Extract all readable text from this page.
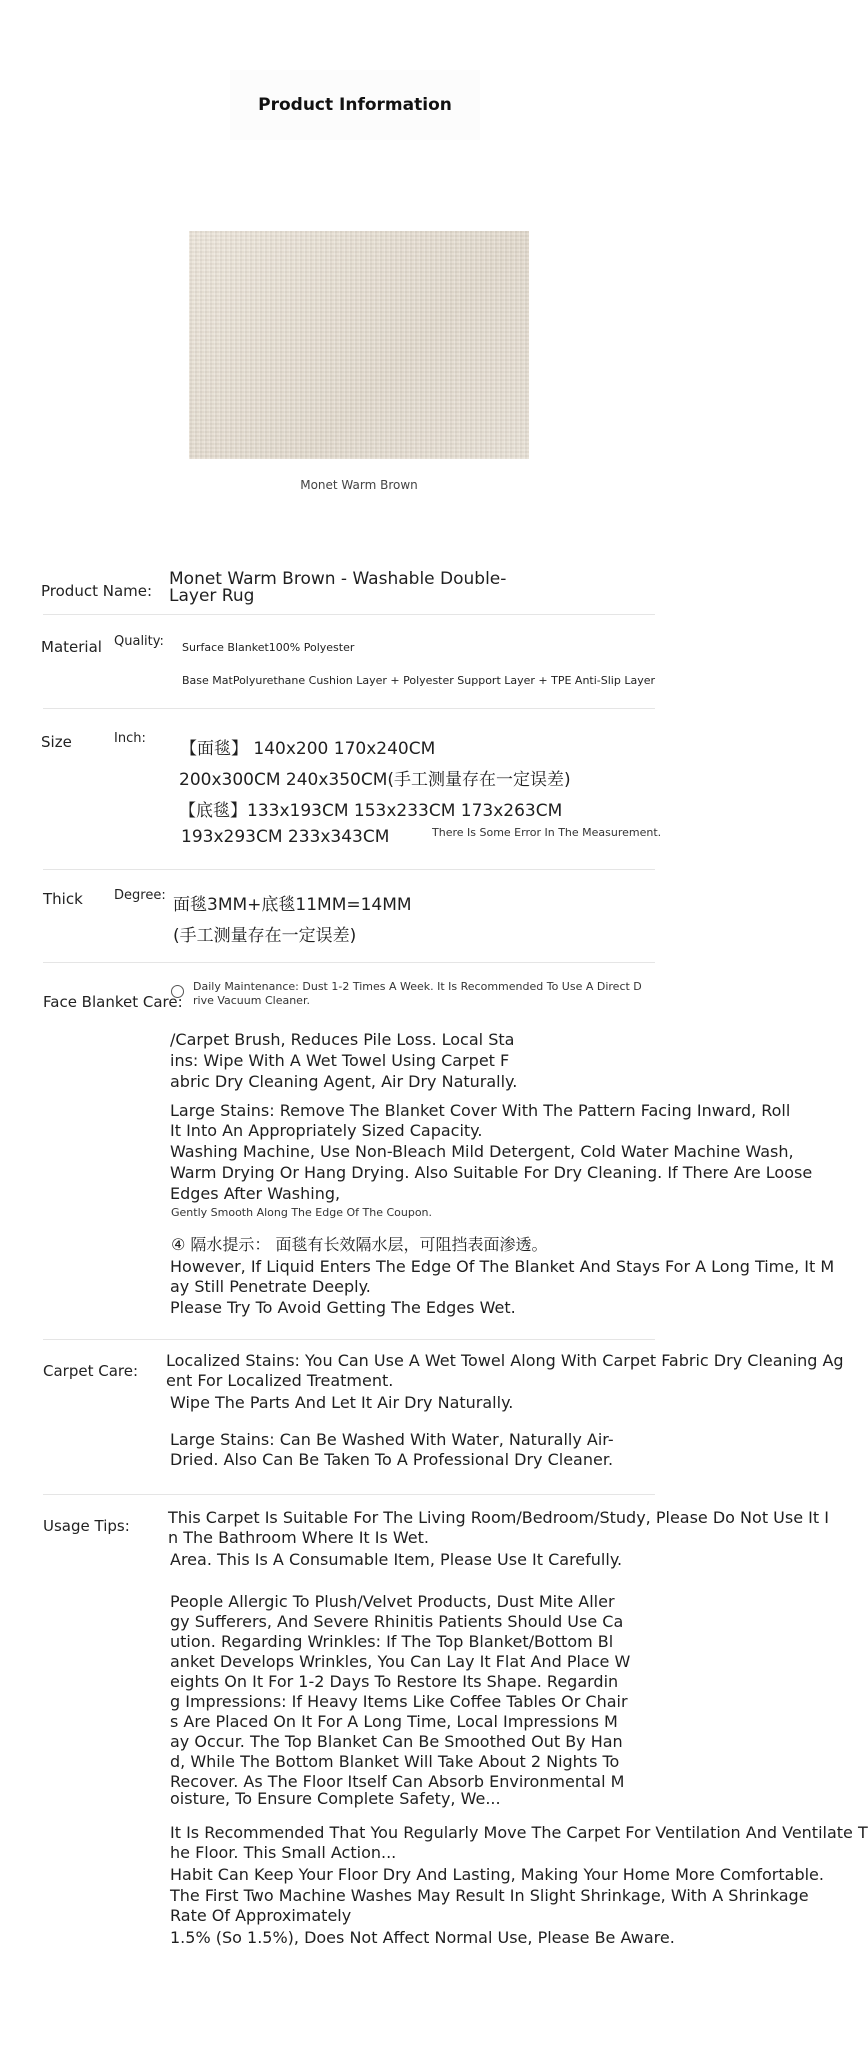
Product Information
Monet Warm Brown
Product Name:
Monet Warm Brown - Washable Double-
Layer Rug
Material Quality: Surface Blanket100% Polyester
Base MatPolyurethane Cushion Layer + Polyester Support Layer + TPE Anti-Slip Layer
Size	Inch:
【面毯】 140x200 170x240CM
200x300CM 240x350CM(手工测量存在一定误差)
【底毯】133x193CM 153x233CM 173x263CM
193x293CM 233x343CM	There Is Some Error In The Measurement.
Thick Degree: 面毯3MM+底毯11MM=14MM
(手工测量存在一定误差)
Face Blanket Care:
Daily Maintenance: Dust 1-2 Times A Week. It Is Recommended To Use A Direct D
rive Vacuum Cleaner.
/Carpet Brush, Reduces Pile Loss. Local Sta
ins: Wipe With A Wet Towel Using Carpet F
abric Dry Cleaning Agent, Air Dry Naturally.
Large Stains: Remove The Blanket Cover With The Pattern Facing Inward, Roll
It Into An Appropriately Sized Capacity.
Washing Machine, Use Non-Bleach Mild Detergent, Cold Water Machine Wash,
Warm Drying Or Hang Drying. Also Suitable For Dry Cleaning. If There Are Loose
Edges After Washing,
Gently Smooth Along The Edge Of The Coupon.
④ 隔水提示： 面毯有长效隔水层，可阻挡表面渗透。
However, If Liquid Enters The Edge Of The Blanket And Stays For A Long Time, It M
ay Still Penetrate Deeply.
Please Try To Avoid Getting The Edges Wet.
Carpet Care:
Localized Stains: You Can Use A Wet Towel Along With Carpet Fabric Dry Cleaning Ag
ent For Localized Treatment.
Wipe The Parts And Let It Air Dry Naturally.
Large Stains: Can Be Washed With Water, Naturally Air-
Dried. Also Can Be Taken To A Professional Dry Cleaner.
Usage Tips: This Carpet Is Suitable For The Living Room/Bedroom/Study, Please Do Not Use It I
n The Bathroom Where It Is Wet.
Area. This Is A Consumable Item, Please Use It Carefully.
People Allergic To Plush/Velvet Products, Dust Mite Aller
gy Sufferers, And Severe Rhinitis Patients Should Use Ca
ution. Regarding Wrinkles: If The Top Blanket/Bottom Bl
anket Develops Wrinkles, You Can Lay It Flat And Place W
eights On It For 1-2 Days To Restore Its Shape. Regardin
g Impressions: If Heavy Items Like Coffee Tables Or Chair
s Are Placed On It For A Long Time, Local Impressions M
ay Occur. The Top Blanket Can Be Smoothed Out By Han
d, While The Bottom Blanket Will Take About 2 Nights To
Recover. As The Floor Itself Can Absorb Environmental M
oisture, To Ensure Complete Safety, We...
It Is Recommended That You Regularly Move The Carpet For Ventilation And Ventilate T
he Floor. This Small Action...
Habit Can Keep Your Floor Dry And Lasting, Making Your Home More Comfortable.
The First Two Machine Washes May Result In Slight Shrinkage, With A Shrinkage
Rate Of Approximately
1.5% (So 1.5%), Does Not Affect Normal Use, Please Be Aware.
